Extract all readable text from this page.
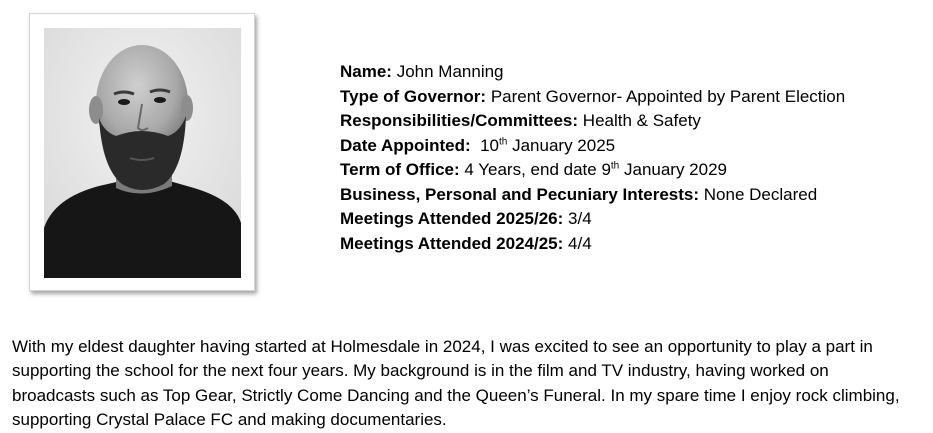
Name: John Manning
Type of Governor: Parent Governor- Appointed by Parent Election
Responsibilities/Committees: Health & Safety
Date Appointed: 10th January 2025
Term of Office: 4 Years, end date 9th January 2029
Business, Personal and Pecuniary Interests: None Declared
Meetings Attended 2025/26: 3/4
Meetings Attended 2024/25: 4/4

With my eldest daughter having started at Holmesdale in 2024, I was excited to see an opportunity to play a part in supporting the school for the next four years. My background is in the film and TV industry, having worked on broadcasts such as Top Gear, Strictly Come Dancing and the Queen’s Funeral. In my spare time I enjoy rock climbing, supporting Crystal Palace FC and making documentaries.
